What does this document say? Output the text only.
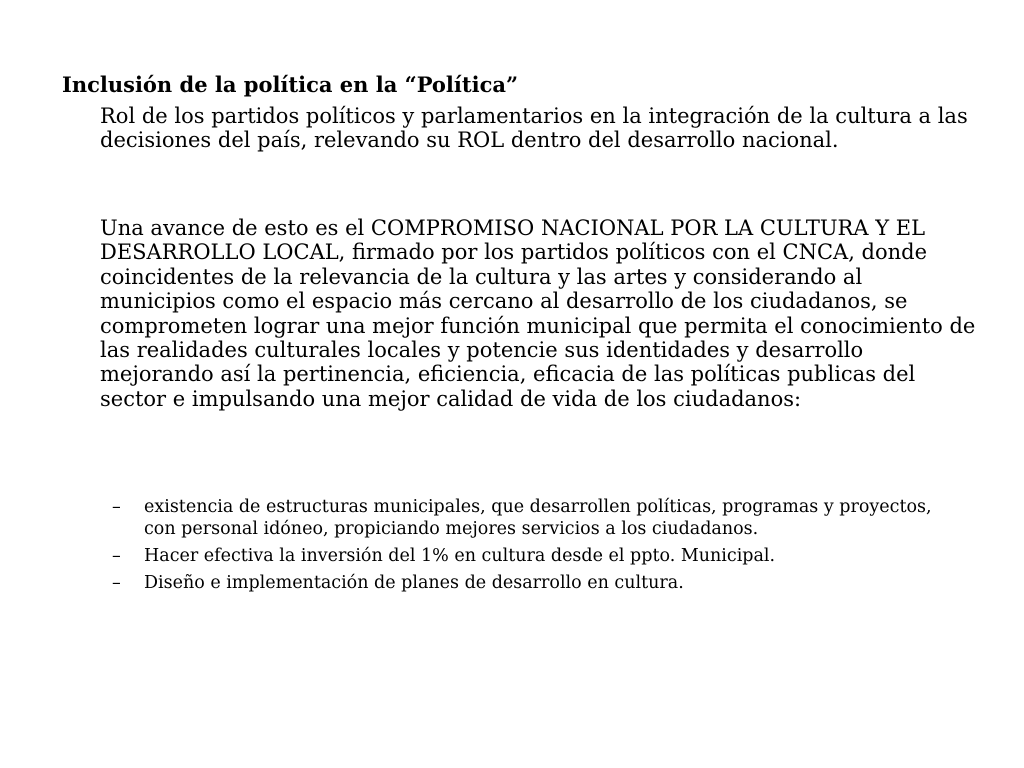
Inclusión de la política en la “Política”

Rol de los partidos políticos y parlamentarios en la integración de la cultura a las decisiones del país, relevando su ROL dentro del desarrollo nacional.

Una avance de esto es el COMPROMISO NACIONAL POR LA CULTURA Y EL DESARROLLO LOCAL, firmado por los partidos políticos con el CNCA, donde coincidentes de la relevancia de la cultura y las artes y considerando al municipios como el espacio más cercano al desarrollo de los ciudadanos, se comprometen lograr una mejor función municipal que permita el conocimiento de las realidades culturales locales y potencie sus identidades y desarrollo mejorando así la pertinencia, eficiencia, eficacia de las políticas publicas del sector e impulsando una mejor calidad de vida de los ciudadanos:

– existencia de estructuras municipales, que desarrollen políticas, programas y proyectos, con personal idóneo, propiciando mejores servicios a los ciudadanos.
– Hacer efectiva la inversión del 1% en cultura desde el ppto. Municipal.
– Diseño e implementación de planes de desarrollo en cultura.
